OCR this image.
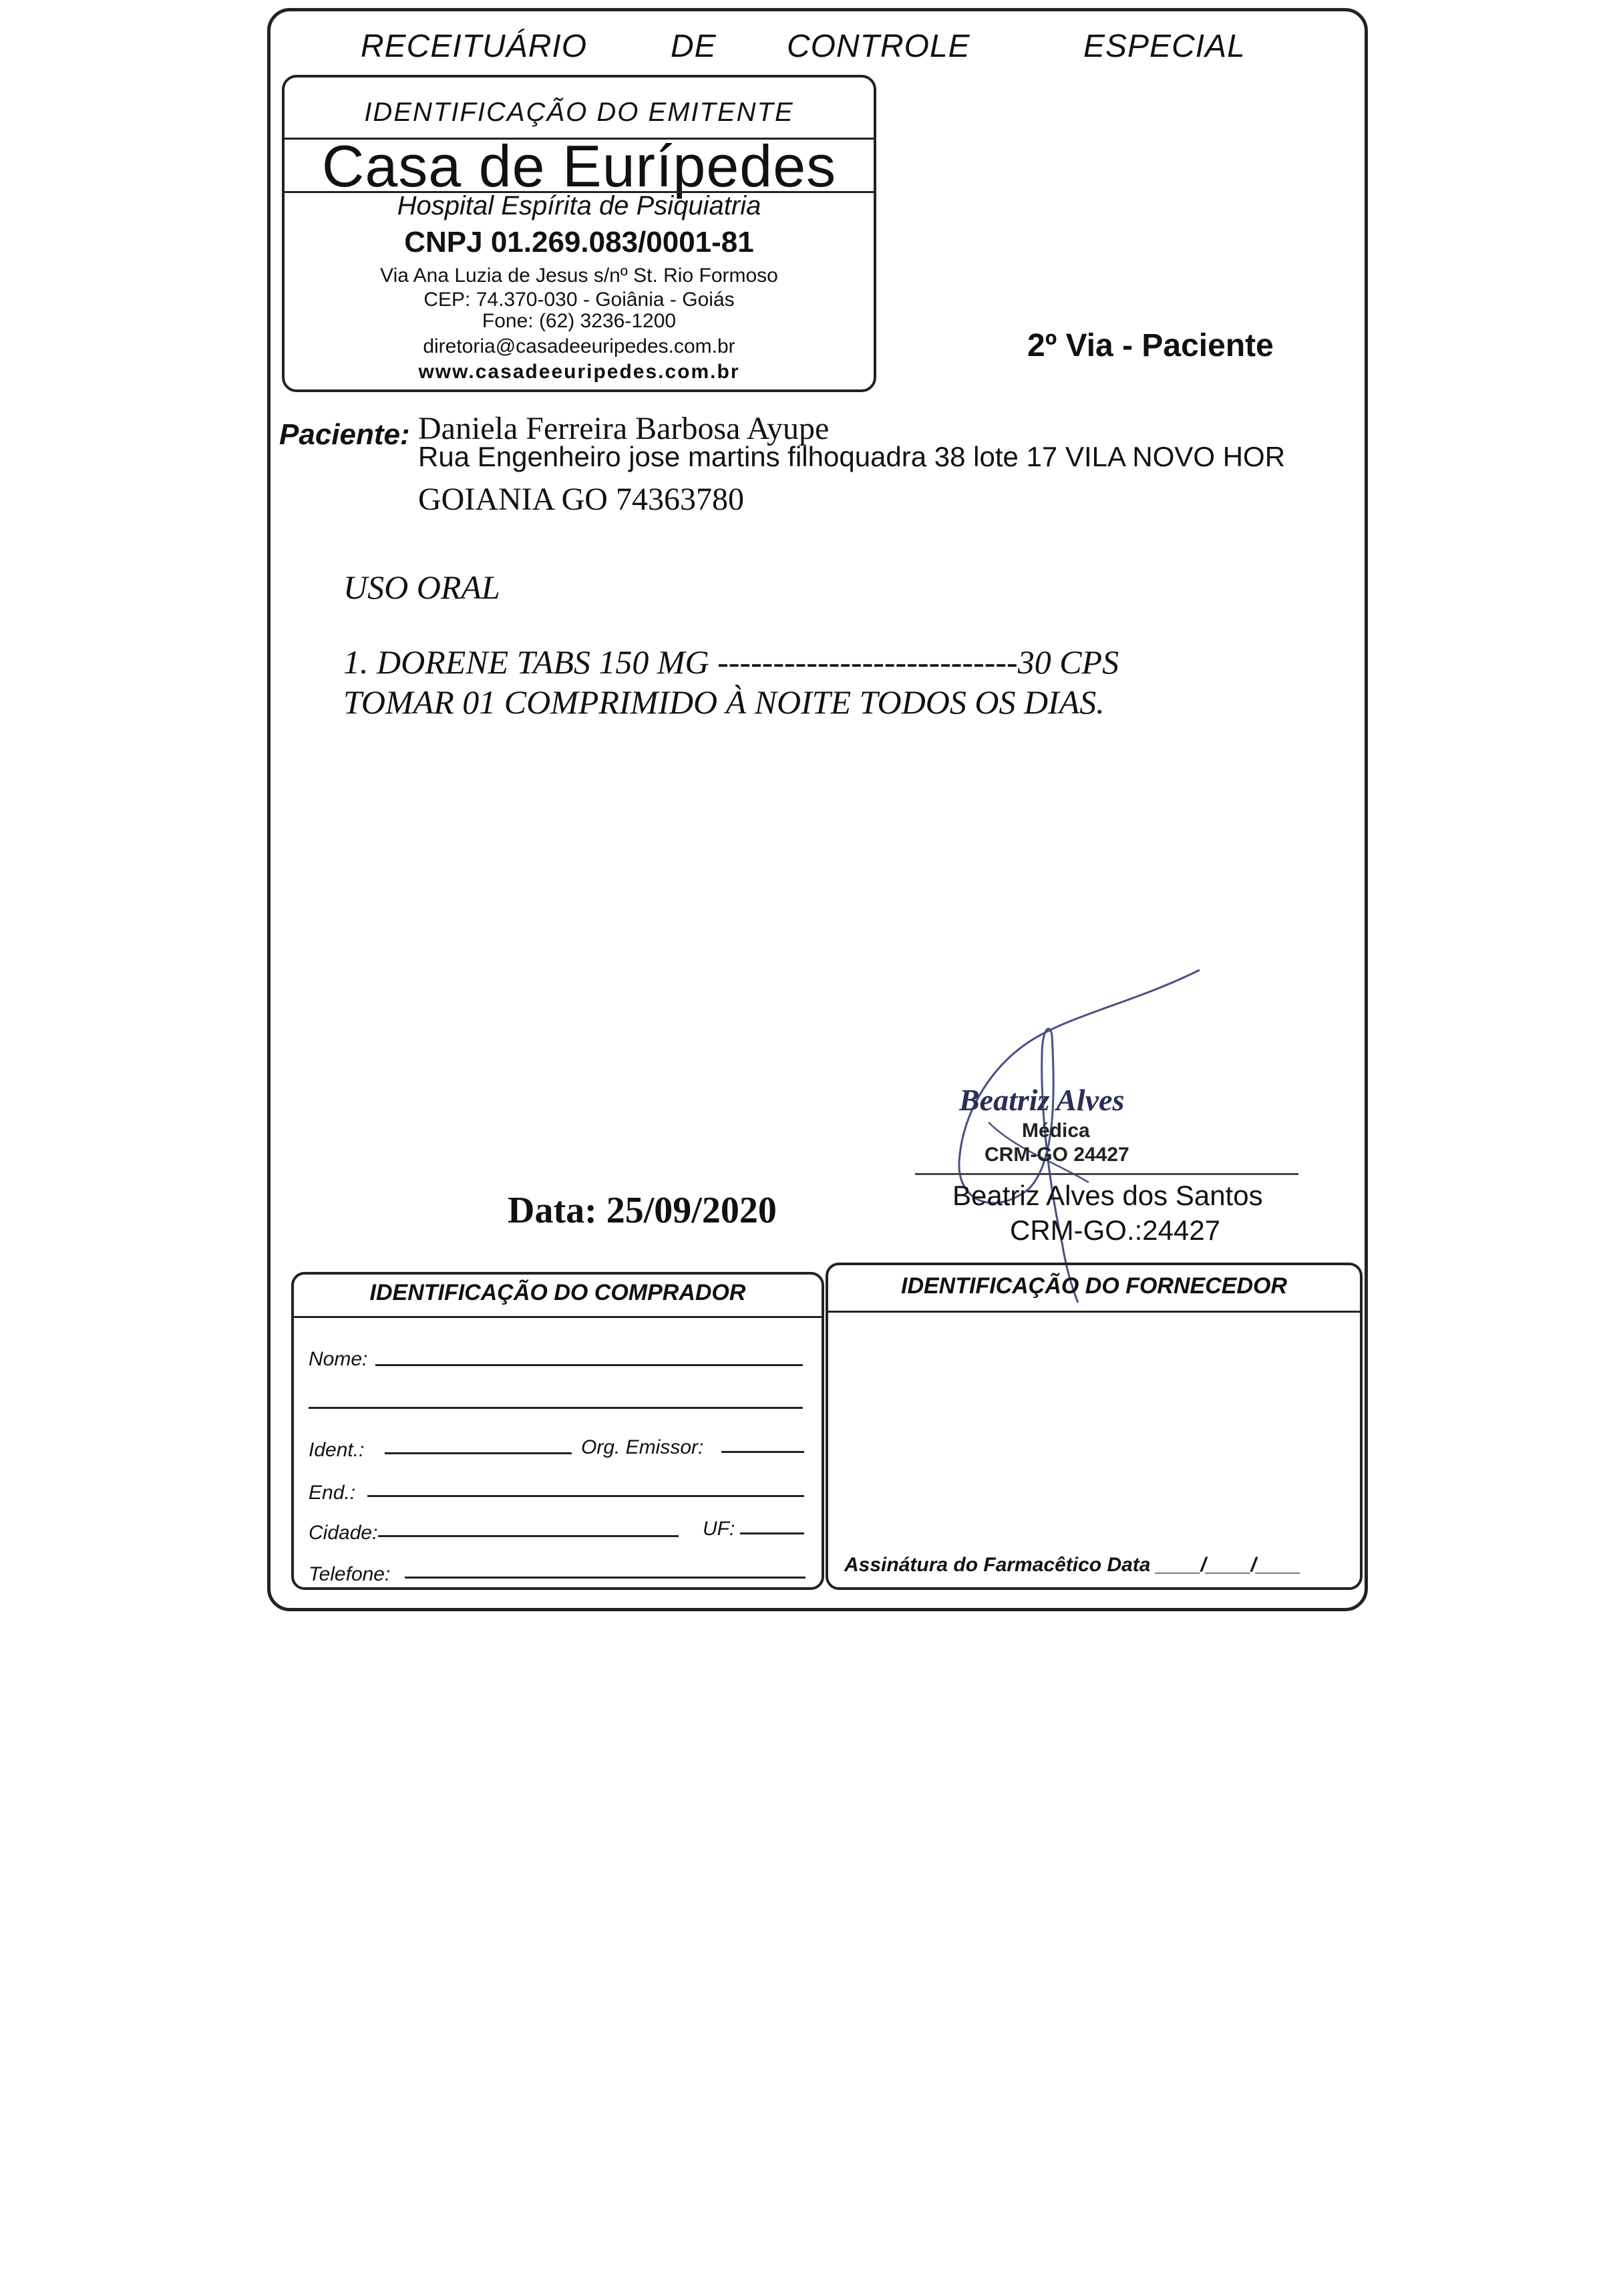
RECEITUÁRIO	DE CONTROLE	ESPECIAL
IDENTIFICAÇÃO DO EMITENTE
Casa de Eurípedes
Hospital Espírita de Psiquiatria
CNPJ 01.269.083/0001-81
Via Ana Luzia de Jesus s/nº St. Rio Formoso
CEP: 74.370-030 - Goiânia - Goiás
Fone: (62) 3236-1200
diretoria@casadeeuripedes.com.br
www.casadeeuripedes.com.br
2º Via - Paciente
Paciente: Daniela Ferreira Barbosa Ayupe
Rua Engenheiro jose martins filhoquadra 38 lote 17 VILA NOVO HOR
GOIANIA GO 74363780
USO ORAL
1. DORENE TABS 150 MG ---------------------------30 CPS
TOMAR 01 COMPRIMIDO À NOITE TODOS OS DIAS.
Beatriz Alves
Médica
CRM-GO 24427
Beatriz Alves dos Santos
CRM-GO.:24427
Data: 25/09/2020
IDENTIFICAÇÃO DO COMPRADOR
Nome:
Ident.:	Org. Emissor:
End.:
Cidade:	UF:
Telefone:
IDENTIFICAÇÃO DO FORNECEDOR
Assinátura do Farmacêtico Data ____/____/____
